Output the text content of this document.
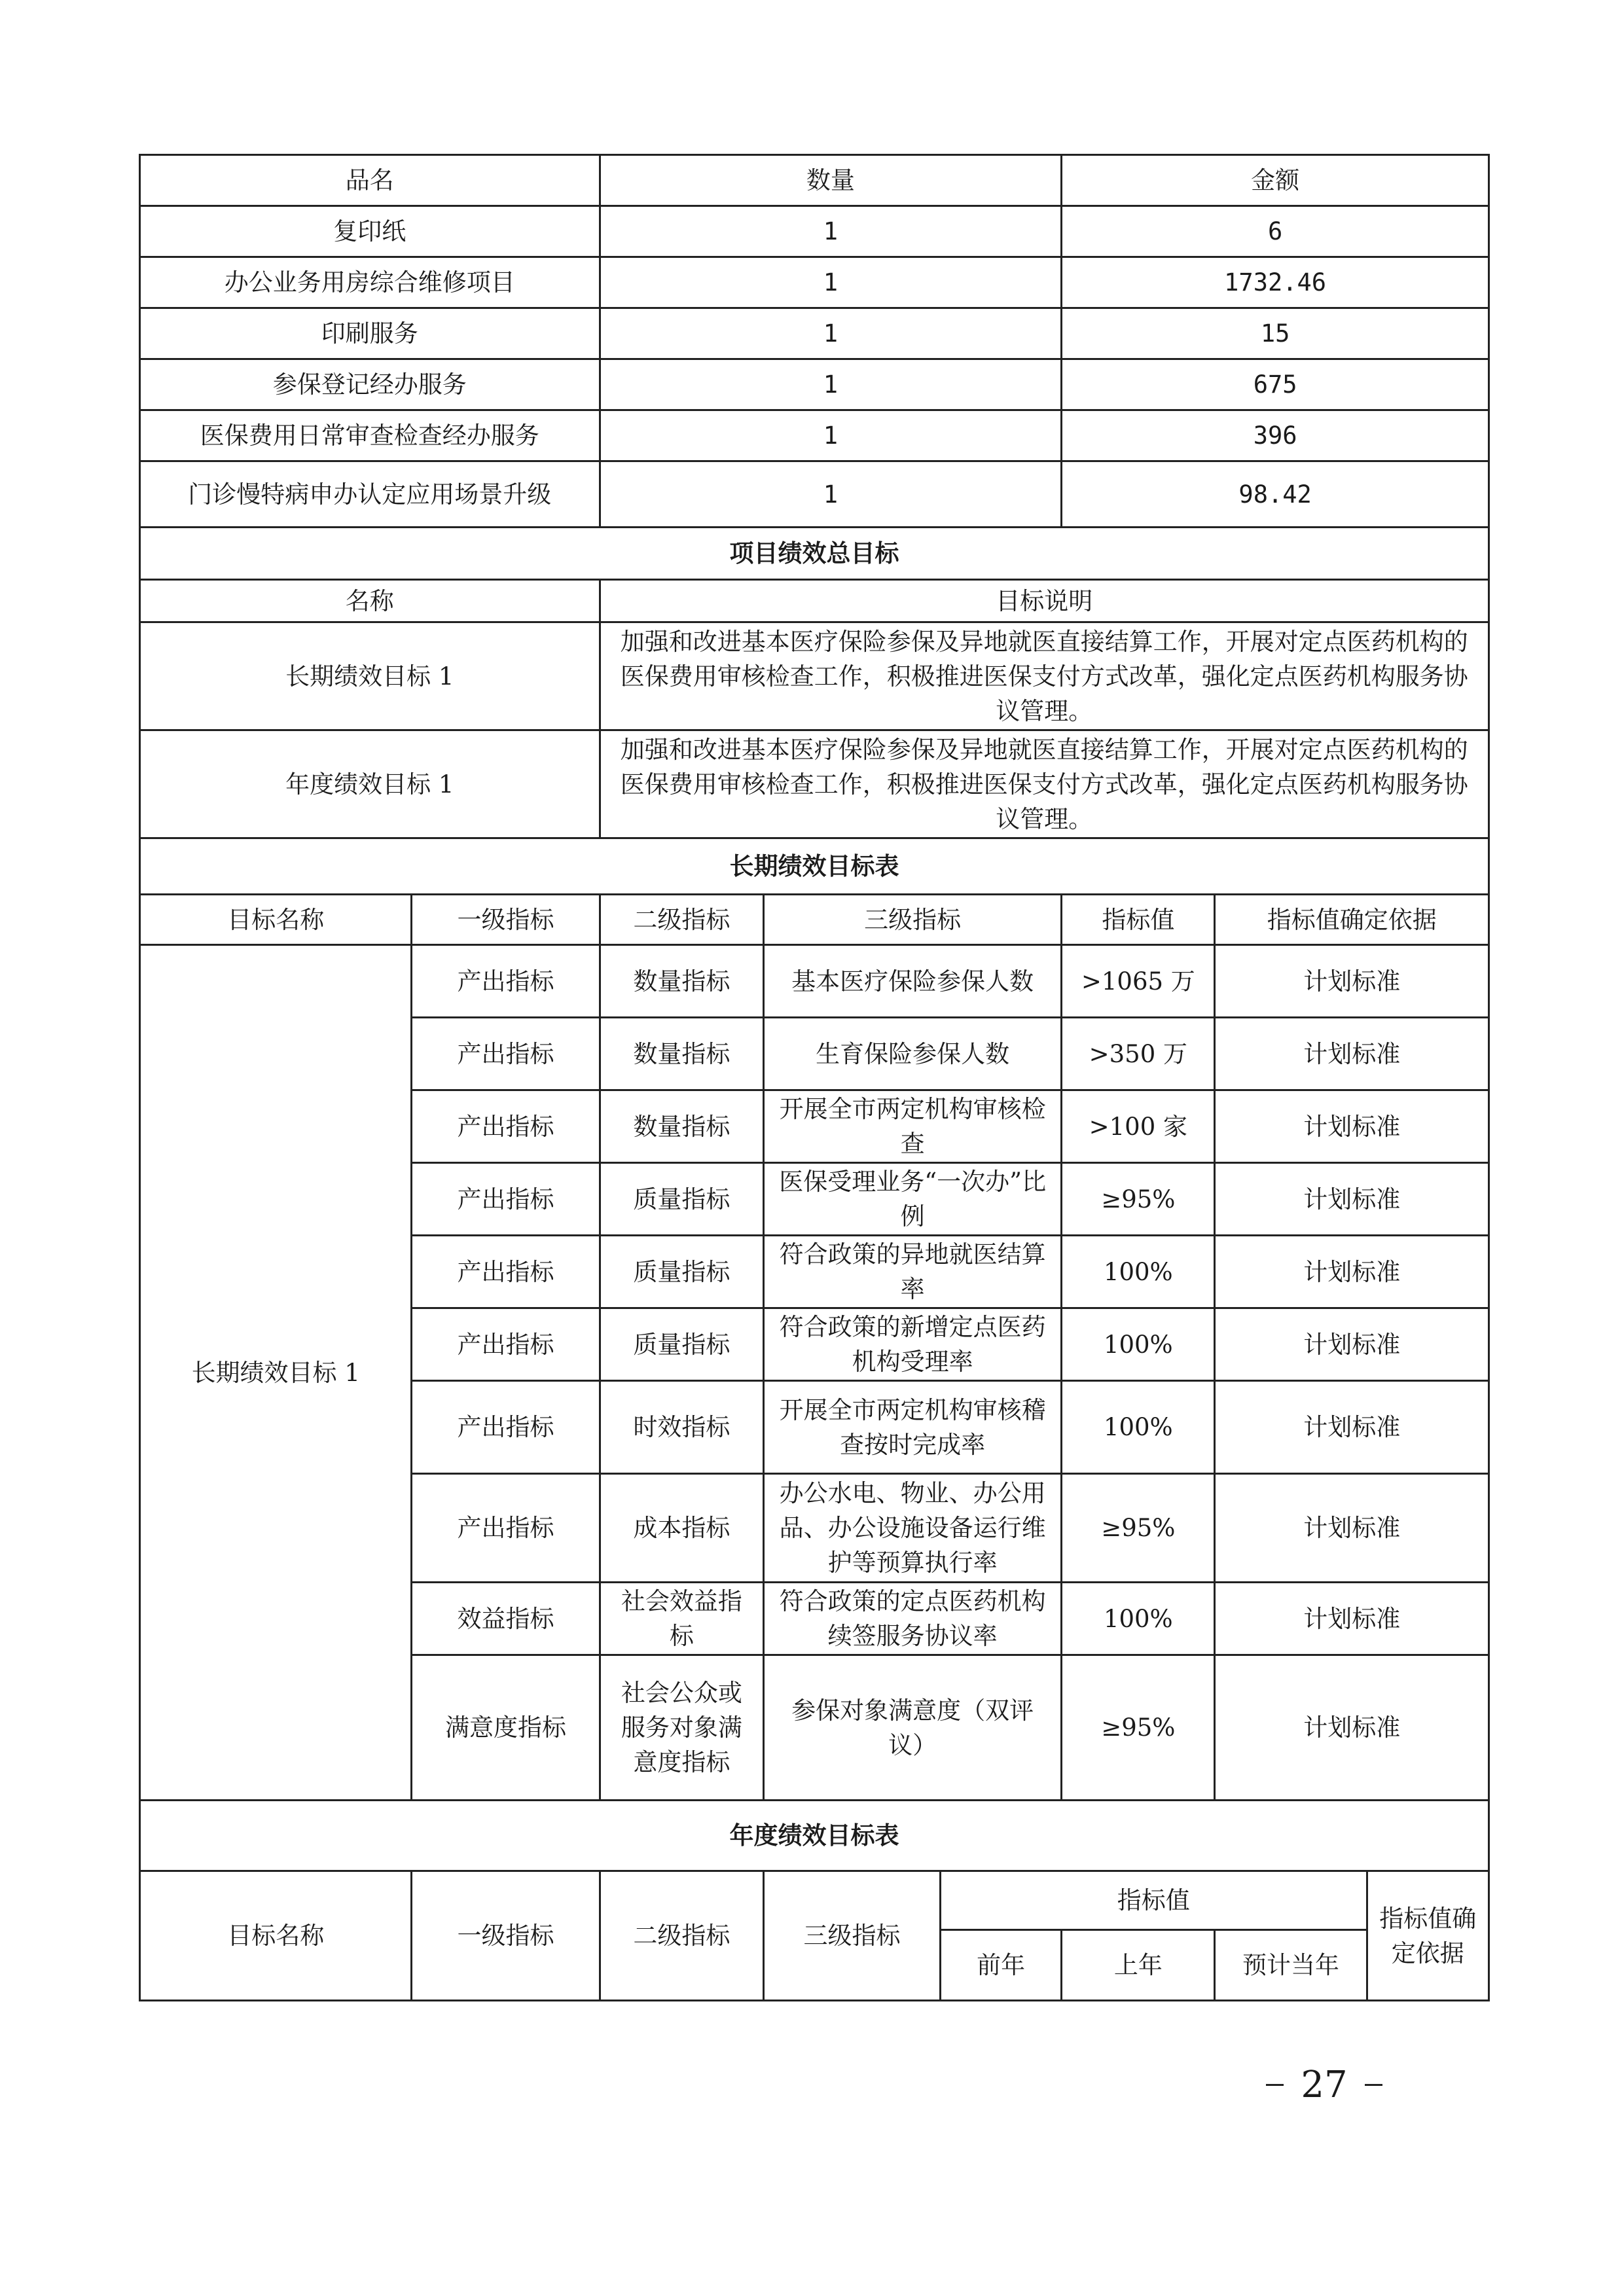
品名		数量			金额		
复印纸		1			6		
办公业务用房综合维修项目		1			1732.46		
印刷服务		1			15		
参保登记经办服务		1			675		
医保费用日常审查检查经办服务		1			396		
门诊慢特病申办认定应用场景升级		1			98.42		
项目绩效总目标							
名称		目标说明					
长期绩效目标 1		加强和改进基本医疗保险参保及异地就医直接结算工作，开展对定点医药机构的医保费用审核检查工作，积极推进医保支付方式改革，强化定点医药机构服务协议管理。					
年度绩效目标 1		加强和改进基本医疗保险参保及异地就医直接结算工作，开展对定点医药机构的医保费用审核检查工作，积极推进医保支付方式改革，强化定点医药机构服务协议管理。					
长期绩效目标表							
目标名称	一级指标	二级指标	三级指标		指标值	指标值确定依据	
长期绩效目标 1	产出指标	数量指标	基本医疗保险参保人数		>1065 万	计划标准	
	产出指标	数量指标	生育保险参保人数		>350 万	计划标准	
	产出指标	数量指标	开展全市两定机构审核检查		>100 家	计划标准	
	产出指标	质量指标	医保受理业务“一次办”比例		≥95%	计划标准	
	产出指标	质量指标	符合政策的异地就医结算率		100%	计划标准	
	产出指标	质量指标	符合政策的新增定点医药机构受理率		100%	计划标准	
	产出指标	时效指标	开展全市两定机构审核稽查按时完成率		100%	计划标准	
	产出指标	成本指标	办公水电、物业、办公用品、办公设施设备运行维护等预算执行率		≥95%	计划标准	
	效益指标	社会效益指标	符合政策的定点医药机构续签服务协议率		100%	计划标准	
	满意度指标	社会公众或服务对象满意度指标	参保对象满意度（双评议）		≥95%	计划标准	
年度绩效目标表							
目标名称	一级指标	二级指标	三级指标	指标值			指标值确定依据
				前年	上年	预计当年	
27
